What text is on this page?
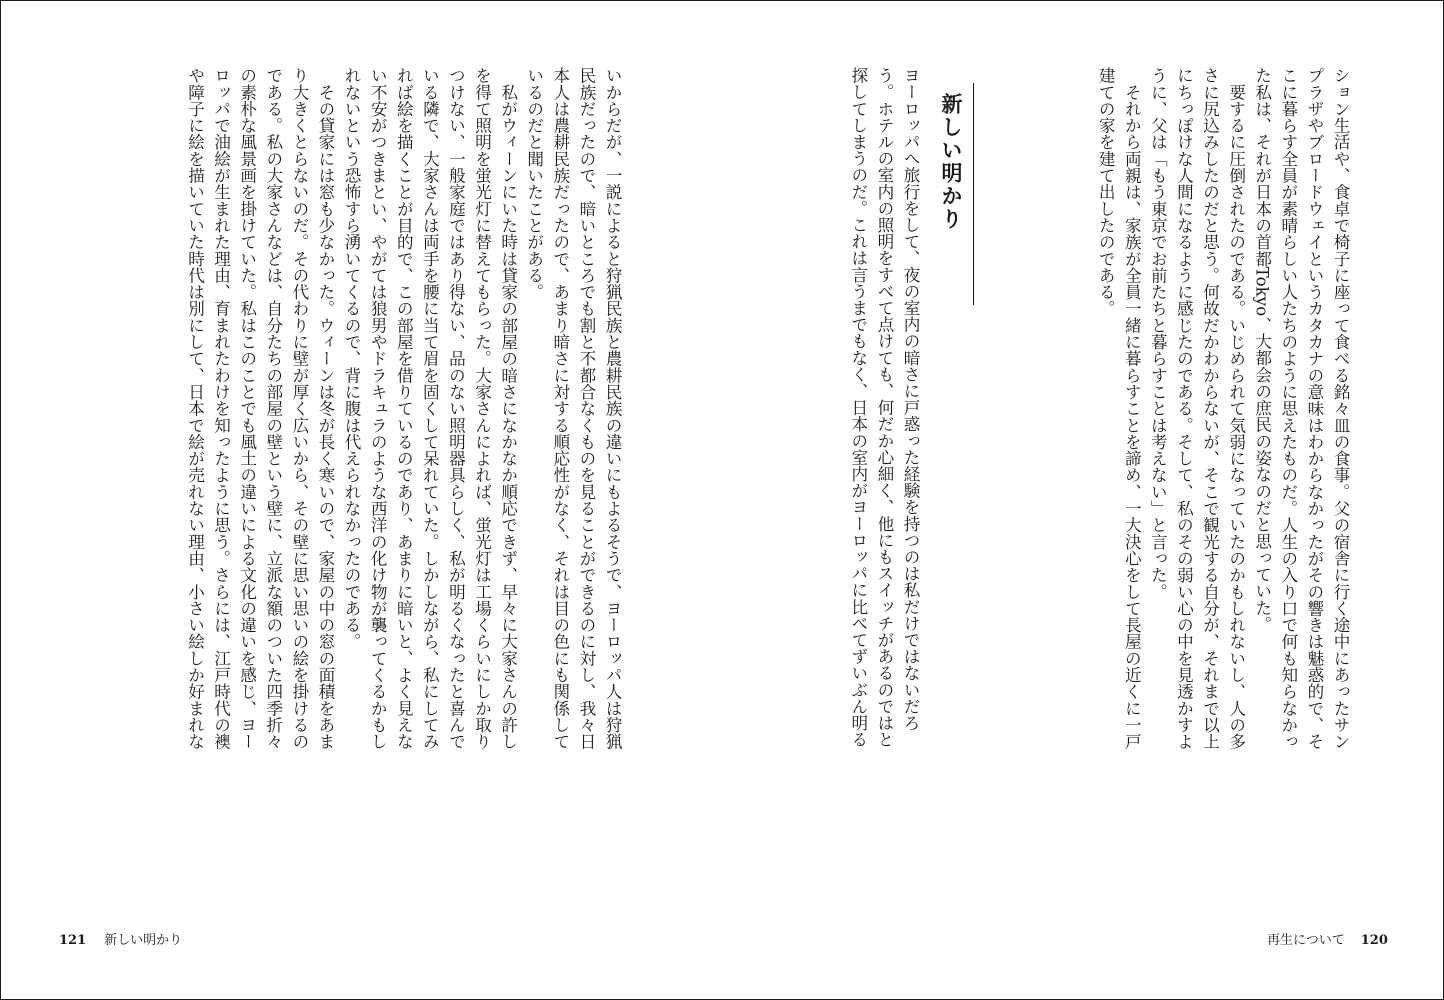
ション生活や、食卓で椅子に座って食べる銘々皿の食事。父の宿舎に行く途中にあったサン
プラザやブロードウェイというカタカナの意味はわからなかったがその響きは魅惑的で、そ
こに暮らす全員が素晴らしい人たちのように思えたものだ。人生の入り口で何も知らなかっ
た私は、それが日本の首都Tokyo、大都会の庶民の姿なのだと思っていた。
　要するに圧倒されたのである。いじめられて気弱になっていたのかもしれないし、人の多
さに尻込みしたのだと思う。何故だかわからないが、そこで観光する自分が、それまで以上
にちっぽけな人間になるように感じたのである。そして、私のその弱い心の中を見透かすよ
うに、父は「もう東京でお前たちと暮らすことは考えない」と言った。
　それから両親は、家族が全員一緒に暮らすことを諦め、一大決心をして長屋の近くに一戸
建ての家を建て出したのである。
新しい明かり
ヨーロッパへ旅行をして、夜の室内の暗さに戸惑った経験を持つのは私だけではないだろ
う。ホテルの室内の照明をすべて点けても、何だか心細く、他にもスイッチがあるのではと
探してしまうのだ。これは言うまでもなく、日本の室内がヨーロッパに比べてずいぶん明る
いからだが、一説によると狩猟民族と農耕民族の違いにもよるそうで、ヨーロッパ人は狩猟
民族だったので、暗いところでも割と不都合なくものを見ることができるのに対し、我々日
本人は農耕民族だったので、あまり暗さに対する順応性がなく、それは目の色にも関係して
いるのだと聞いたことがある。
　私がウィーンにいた時は貸家の部屋の暗さになかなか順応できず、早々に大家さんの許し
を得て照明を蛍光灯に替えてもらった。大家さんによれば、蛍光灯は工場くらいにしか取り
つけない、一般家庭ではあり得ない、品のない照明器具らしく、私が明るくなったと喜んで
いる隣で、大家さんは両手を腰に当て眉を固くして呆れていた。しかしながら、私にしてみ
れば絵を描くことが目的で、この部屋を借りているのであり、あまりに暗いと、よく見えな
い不安がつきまとい、やがては狼男やドラキュラのような西洋の化け物が襲ってくるかもし
れないという恐怖すら湧いてくるので、背に腹は代えられなかったのである。
　その貸家には窓も少なかった。ウィーンは冬が長く寒いので、家屋の中の窓の面積をあま
り大きくとらないのだ。その代わりに壁が厚く広いから、その壁に思い思いの絵を掛けるの
である。私の大家さんなどは、自分たちの部屋の壁という壁に、立派な額のついた四季折々
の素朴な風景画を掛けていた。私はこのことでも風土の違いによる文化の違いを感じ、ヨー
ロッパで油絵が生まれた理由、育まれたわけを知ったように思う。さらには、江戸時代の襖
や障子に絵を描いていた時代は別にして、日本で絵が売れない理由、小さい絵しか好まれな
121 新しい明かり	再生について 120
